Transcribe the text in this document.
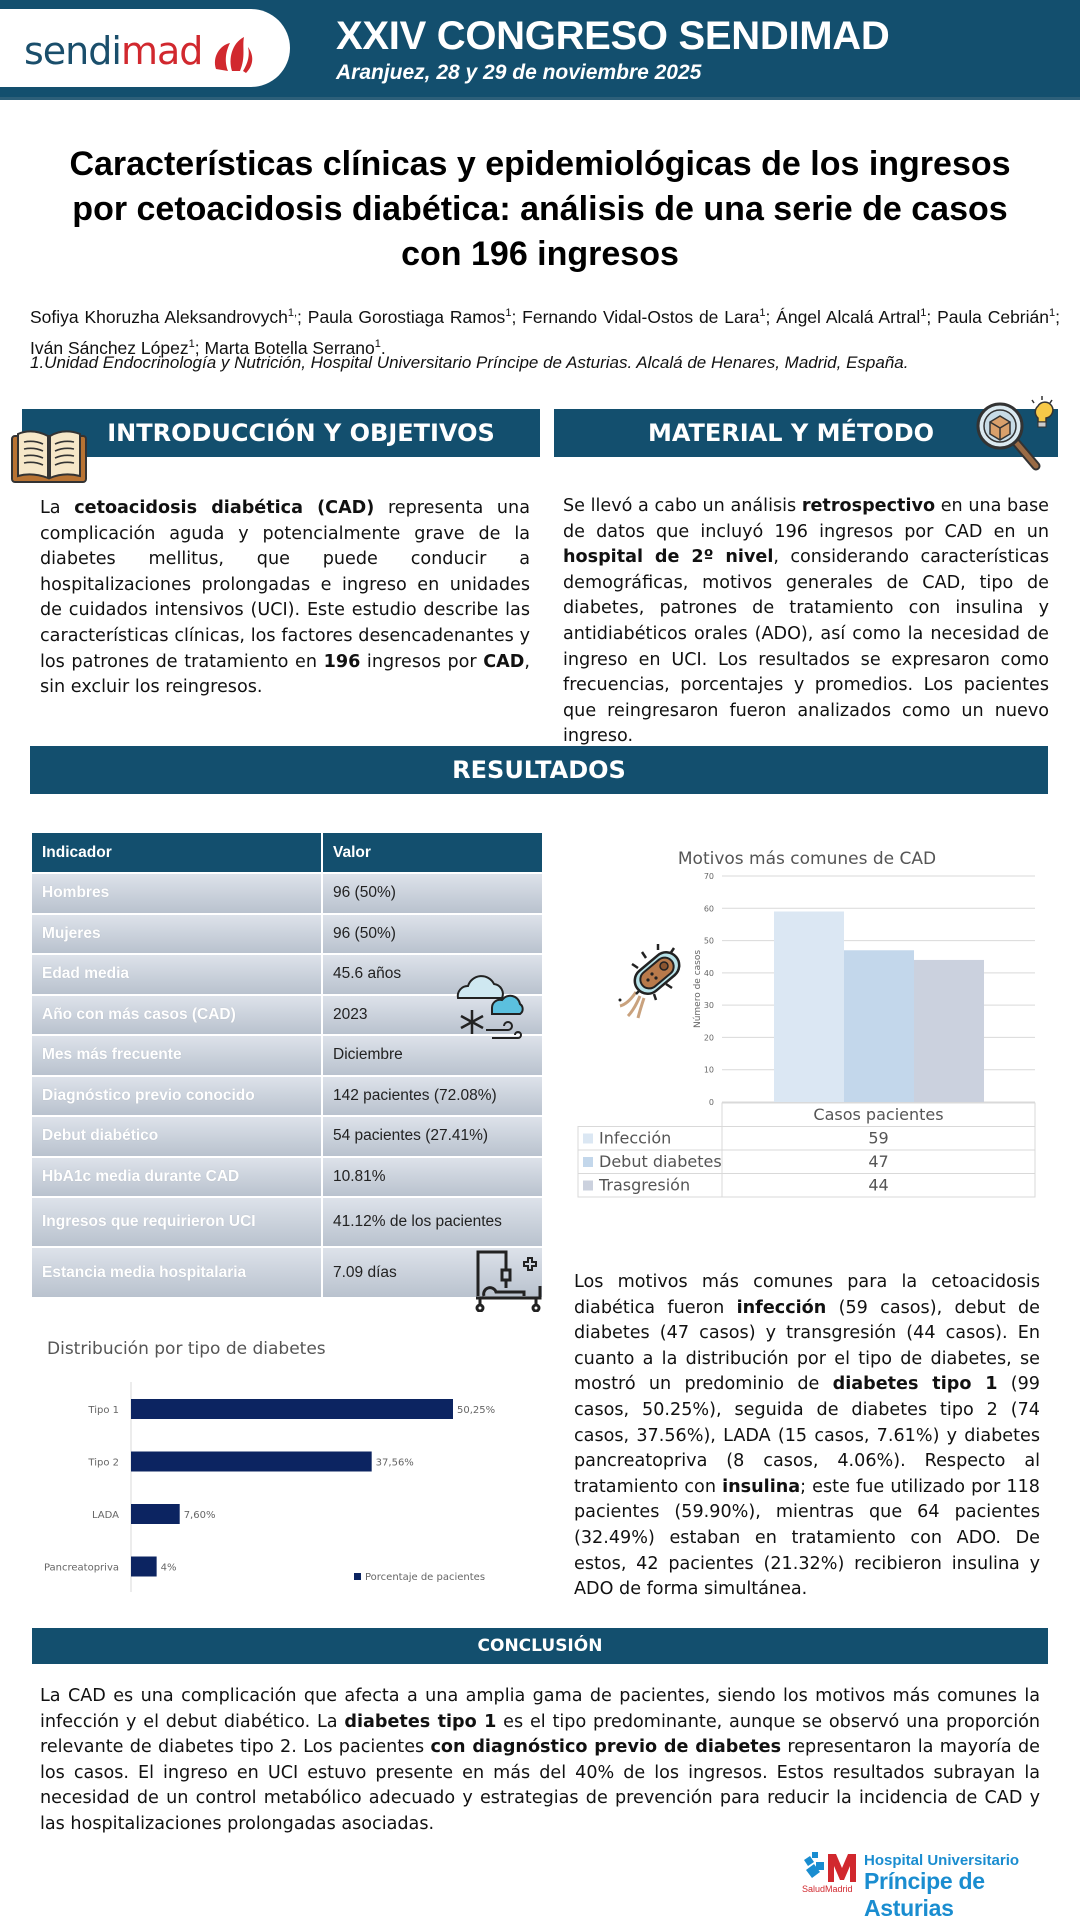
sendimad	XXIV CONGRESO SENDIMAD
Aranjuez, 28 y 29 de noviembre 2025
Características clínicas y epidemiológicas de los ingresos
por cetoacidosis diabética: análisis de una serie de casos
con 196 ingresos
Sofiya Khoruzha Aleksandrovych$^{1,}$; Paula Gorostiaga Ramos$^1$; Fernando Vidal-Ostos de Lara$^1$; Ángel Alcalá Artral$^1$; Paula Cebrián$^1$; Iván Sánchez López$^1$; Marta Botella Serrano$^1$.
1.Unidad Endocrinología y Nutrición, Hospital Universitario Príncipe de Asturias. Alcalá de Henares, Madrid, España.
INTRODUCCIÓN Y OBJETIVOS
La cetoacidosis diabética (CAD) representa una complicación aguda y potencialmente grave de la diabetes mellitus, que puede conducir a hospitalizaciones prolongadas e ingreso en unidades de cuidados intensivos (UCI). Este estudio describe las características clínicas, los factores desencadenantes y los patrones de tratamiento en 196 ingresos por CAD, sin excluir los reingresos.
MATERIAL Y MÉTODO
Se llevó a cabo un análisis retrospectivo en una base de datos que incluyó 196 ingresos por CAD en un hospital de 2º nivel, considerando características demográficas, motivos generales de CAD, tipo de diabetes, patrones de tratamiento con insulina y antidiabéticos orales (ADO), así como la necesidad de ingreso en UCI. Los resultados se expresaron como frecuencias, porcentajes y promedios. Los pacientes que reingresaron fueron analizados como un nuevo ingreso.
RESULTADOS
Indicador	Valor
Hombres	96 (50%)
Mujeres	96 (50%)
Edad media	45.6 años
Año con más casos (CAD)	2023
Mes más frecuente	Diciembre
Diagnóstico previo conocido	142 pacientes (72.08%)
Debut diabético	54 pacientes (27.41%)
HbA1c media durante CAD	10.81%
Ingresos que requirieron UCI	41.12% de los pacientes
Estancia media hospitalaria	7.09 días
Motivos más comunes de CAD
0
10
20
30
40
50
60
70
Número de casos
Casos pacientes
Infección	59
Debut diabetes	47
Trasgresión	44
Distribución por tipo de diabetes
Tipo 1	50,25%
Tipo 2	37,56%
LADA	7,60%
Pancreatopriva	4%
Porcentaje de pacientes
Los motivos más comunes para la cetoacidosis diabética fueron infección (59 casos), debut de diabetes (47 casos) y transgresión (44 casos). En cuanto a la distribución por el tipo de diabetes, se mostró un predominio de diabetes tipo 1 (99 casos, 50.25%), seguida de diabetes tipo 2 (74 casos, 37.56%), LADA (15 casos, 7.61%) y diabetes pancreatopriva (8 casos, 4.06%). Respecto al tratamiento con insulina; este fue utilizado por 118 pacientes (59.90%), mientras que 64 pacientes (32.49%) estaban en tratamiento con ADO. De estos, 42 pacientes (21.32%) recibieron insulina y ADO de forma simultánea.
CONCLUSIÓN
La CAD es una complicación que afecta a una amplia gama de pacientes, siendo los motivos más comunes la infección y el debut diabético. La diabetes tipo 1 es el tipo predominante, aunque se observó una proporción relevante de diabetes tipo 2. Los pacientes con diagnóstico previo de diabetes representaron la mayoría de los casos. El ingreso en UCI estuvo presente en más del 40% de los ingresos. Estos resultados subrayan la necesidad de un control metabólico adecuado y estrategias de prevención para reducir la incidencia de CAD y las hospitalizaciones prolongadas asociadas.
SaludMadrid
Hospital Universitario
Príncipe de Asturias
